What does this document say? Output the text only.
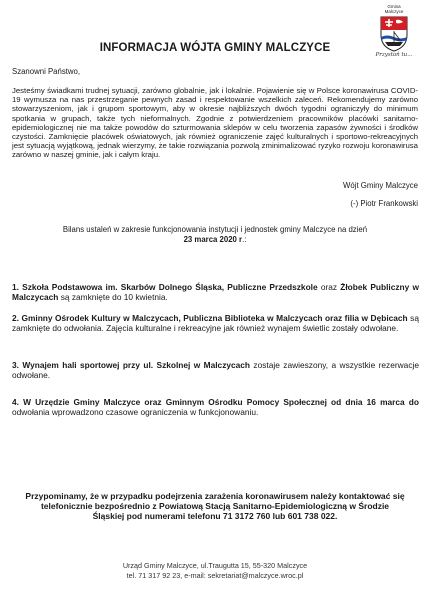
Gmina
Malczyce
Przystań tu...
INFORMACJA WÓJTA GMINY MALCZYCE
Szanowni Państwo,
Jesteśmy świadkami trudnej sytuacji, zarówno globalnie, jak i lokalnie. Pojawienie się w Polsce koronawirusa COVID-19 wymusza na nas przestrzeganie pewnych zasad i respektowanie wszelkich zaleceń. Rekomendujemy zarówno stowarzyszeniom, jak i grupom sportowym, aby w okresie najbliższych dwóch tygodni ograniczyły do minimum spotkania w grupach, także tych nieformalnych. Zgodnie z potwierdzeniem pracowników placówki sanitarno-epidemiologicznej nie ma także powodów do szturmowania sklepów w celu tworzenia zapasów żywności i środków czystości. Zamknięcie placówek oświatowych, jak również ograniczenie zajęć kulturalnych i sportowo-rekreacyjnych jest sytuacją wyjątkową, jednak wierzymy, że takie rozwiązania pozwolą zminimalizować ryzyko rozwoju koronawirusa zarówno w naszej gminie, jak i całym kraju.
Wójt Gminy Malczyce
(-) Piotr Frankowski
Bilans ustaleń w zakresie funkcjonowania instytucji i jednostek gminy Malczyce na dzień
23 marca 2020 r.:
1. Szkoła Podstawowa im. Skarbów Dolnego Śląska, Publiczne Przedszkole oraz Żłobek Publiczny w Malczycach są zamknięte do 10 kwietnia.
2. Gminny Ośrodek Kultury w Malczycach, Publiczna Biblioteka w Malczycach oraz filia w Dębicach są zamknięte do odwołania. Zajęcia kulturalne i rekreacyjne jak również wynajem świetlic zostały odwołane.
3. Wynajem hali sportowej przy ul. Szkolnej w Malczycach zostaje zawieszony, a wszystkie rezerwacje odwołane.
4. W Urzędzie Gminy Malczyce oraz Gminnym Ośrodku Pomocy Społecznej od dnia 16 marca do odwołania wprowadzono czasowe ograniczenia w funkcjonowaniu.
Przypominamy, że w przypadku podejrzenia zarażenia koronawirusem należy kontaktować się telefonicznie bezpośrednio z Powiatową Stacją Sanitarno-Epidemiologiczną w Środzie Śląskiej pod numerami telefonu 71 3172 760 lub 601 738 022.
Urząd Gminy Malczyce, ul.Traugutta 15, 55-320 Malczyce
tel. 71 317 92 23, e-mail: sekretariat@malczyce.wroc.pl
